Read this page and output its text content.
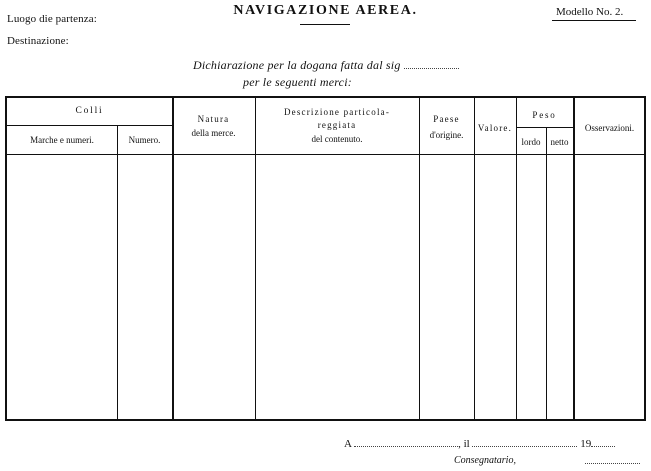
Luogo die partenza:
Destinazione:
NAVIGAZIONE AEREA.	Modello No. 2.
Dichiarazione per la dogana fatta dal sig
per le seguenti merci:
Colli
Marche e numeri.	Numero.
Natura
della merce.
Descrizione particola-
reggiata
del contenuto.
Paese
d'origine.
Valore.
Peso
lordo	netto
Osservazioni.
A	, il	19
Consegnatario,
